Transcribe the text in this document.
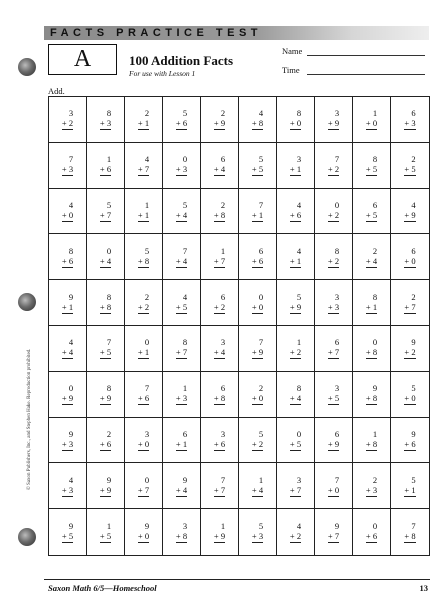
FACTS PRACTICE TEST
A	100 Addition Facts
For use with Lesson 1
Name
Time
Add.
3
+ 2
8
+ 3
2
+ 1
5
+ 6
2
+ 9
4
+ 8
8
+ 0
3
+ 9
1
+ 0
6
+ 3
7
+ 3
1
+ 6
4
+ 7
0
+ 3
6
+ 4
5
+ 5
3
+ 1
7
+ 2
8
+ 5
2
+ 5
4
+ 0
5
+ 7
1
+ 1
5
+ 4
2
+ 8
7
+ 1
4
+ 6
0
+ 2
6
+ 5
4
+ 9
8
+ 6
0
+ 4
5
+ 8
7
+ 4
1
+ 7
6
+ 6
4
+ 1
8
+ 2
2
+ 4
6
+ 0
9
+ 1
8
+ 8
2
+ 2
4
+ 5
6
+ 2
0
+ 0
5
+ 9
3
+ 3
8
+ 1
2
+ 7
4
+ 4
7
+ 5
0
+ 1
8
+ 7
3
+ 4
7
+ 9
1
+ 2
6
+ 7
0
+ 8
9
+ 2
0
+ 9
8
+ 9
7
+ 6
1
+ 3
6
+ 8
2
+ 0
8
+ 4
3
+ 5
9
+ 8
5
+ 0
9
+ 3
2
+ 6
3
+ 0
6
+ 1
3
+ 6
5
+ 2
0
+ 5
6
+ 9
1
+ 8
9
+ 6
4
+ 3
9
+ 9
0
+ 7
9
+ 4
7
+ 7
1
+ 4
3
+ 7
7
+ 0
2
+ 3
5
+ 1
9
+ 5
1
+ 5
9
+ 0
3
+ 8
1
+ 9
5
+ 3
4
+ 2
9
+ 7
0
+ 6
7
+ 8
© Saxon Publishers, Inc., and Stephen Hake. Reproduction prohibited.
Saxon Math 6/5—Homeschool	13
